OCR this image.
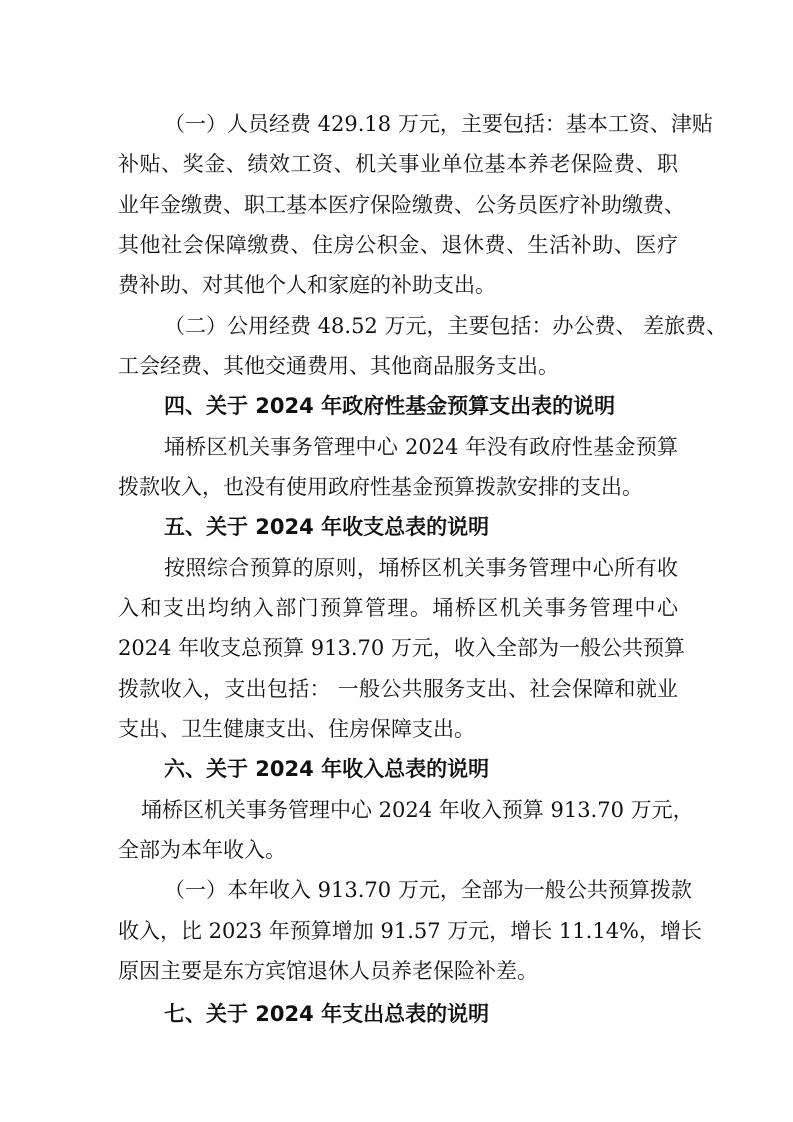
（一）人员经费 429.18 万元，主要包括：基本工资、津贴
补贴、奖金、绩效工资、机关事业单位基本养老保险费、职
业年金缴费、职工基本医疗保险缴费、公务员医疗补助缴费、
其他社会保障缴费、住房公积金、退休费、生活补助、医疗
费补助、对其他个人和家庭的补助支出。
（二）公用经费 48.52 万元，主要包括：办公费、 差旅费、
工会经费、其他交通费用、其他商品服务支出。
四、关于 2024 年政府性基金预算支出表的说明
埇桥区机关事务管理中心 2024 年没有政府性基金预算
拨款收入，也没有使用政府性基金预算拨款安排的支出。
五、关于 2024 年收支总表的说明
按照综合预算的原则，埇桥区机关事务管理中心所有收
入和支出均纳入部门预算管理。埇桥区机关事务管理中心
2024 年收支总预算 913.70 万元，收入全部为一般公共预算
拨款收入，支出包括： 一般公共服务支出、社会保障和就业
支出、卫生健康支出、住房保障支出。
六、关于 2024 年收入总表的说明
埇桥区机关事务管理中心 2024 年收入预算 913.70 万元，
全部为本年收入。
（一）本年收入 913.70 万元，全部为一般公共预算拨款
收入，比 2023 年预算增加 91.57 万元，增长 11.14%，增长
原因主要是东方宾馆退休人员养老保险补差。
七、关于 2024 年支出总表的说明
